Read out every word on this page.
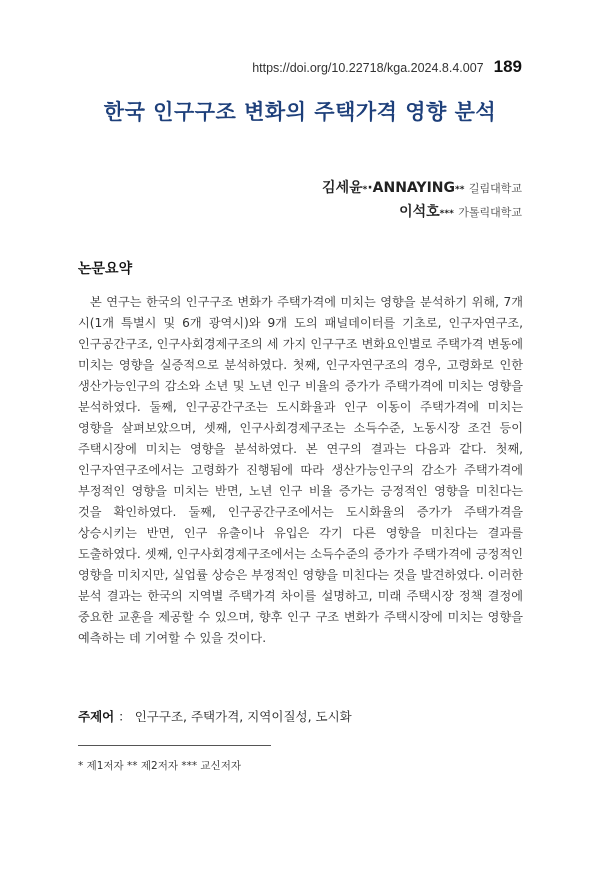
https://doi.org/10.22718/kga.2024.8.4.007 189
한국 인구구조 변화의 주택가격 영향 분석
김세윤*·ANNAYING** 길림대학교
이석호*** 가톨릭대학교
논문요약

본 연구는 한국의 인구구조 변화가 주택가격에 미치는 영향을 분석하기 위해, 7개 시(1개 특별시 및 6개 광역시)와 9개 도의 패널데이터를 기초로, 인구자연구조, 인구공간구조, 인구사회경제구조의 세 가지 인구구조 변화요인별로 주택가격 변동에 미치는 영향을 실증적으로 분석하였다. 첫째, 인구자연구조의 경우, 고령화로 인한 생산가능인구의 감소와 소년 및 노년 인구 비율의 증가가 주택가격에 미치는 영향을 분석하였다. 둘째, 인구공간구조는 도시화율과 인구 이동이 주택가격에 미치는 영향을 살펴보았으며, 셋째, 인구사회경제구조는 소득수준, 노동시장 조건 등이 주택시장에 미치는 영향을 분석하였다. 본 연구의 결과는 다음과 같다. 첫째, 인구자연구조에서는 고령화가 진행됨에 따라 생산가능인구의 감소가 주택가격에 부정적인 영향을 미치는 반면, 노년 인구 비율 증가는 긍정적인 영향을 미친다는 것을 확인하였다. 둘째, 인구공간구조에서는 도시화율의 증가가 주택가격을 상승시키는 반면, 인구 유출이나 유입은 각기 다른 영향을 미친다는 결과를 도출하였다. 셋째, 인구사회경제구조에서는 소득수준의 증가가 주택가격에 긍정적인 영향을 미치지만, 실업률 상승은 부정적인 영향을 미친다는 것을 발견하였다. 이러한 분석 결과는 한국의 지역별 주택가격 차이를 설명하고, 미래 주택시장 정책 결정에 중요한 교훈을 제공할 수 있으며, 향후 인구 구조 변화가 주택시장에 미치는 영향을 예측하는 데 기여할 수 있을 것이다.

주제어 ： 인구구조, 주택가격, 지역이질성, 도시화
* 제1저자 ** 제2저자 *** 교신저자
